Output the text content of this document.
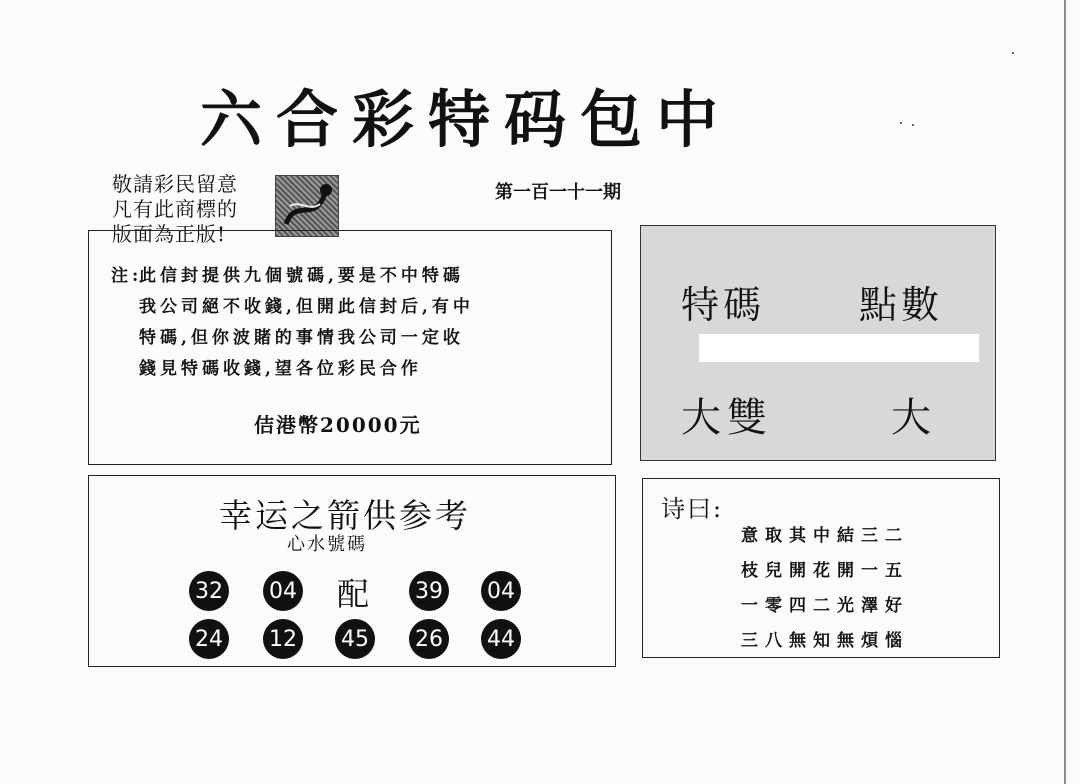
六合彩特码包中
敬請彩民留意
凡有此商標的
版面為正版!
第一百一十一期
注:
此信封提供九個號碼,要是不中特碼
我公司絕不收錢,但開此信封后,有中
特碼,但你波賭的事情我公司一定收
錢見特碼收錢,望各位彩民合作
佶港幣20000元
特碼 點數
大雙	大
幸运之箭供参考
心水號碼
32 04 配 39 04
24 12 45 26 44
诗曰:
意取其中結三二
枝兒開花開一五
一零四二光澤好
三八無知無煩惱
